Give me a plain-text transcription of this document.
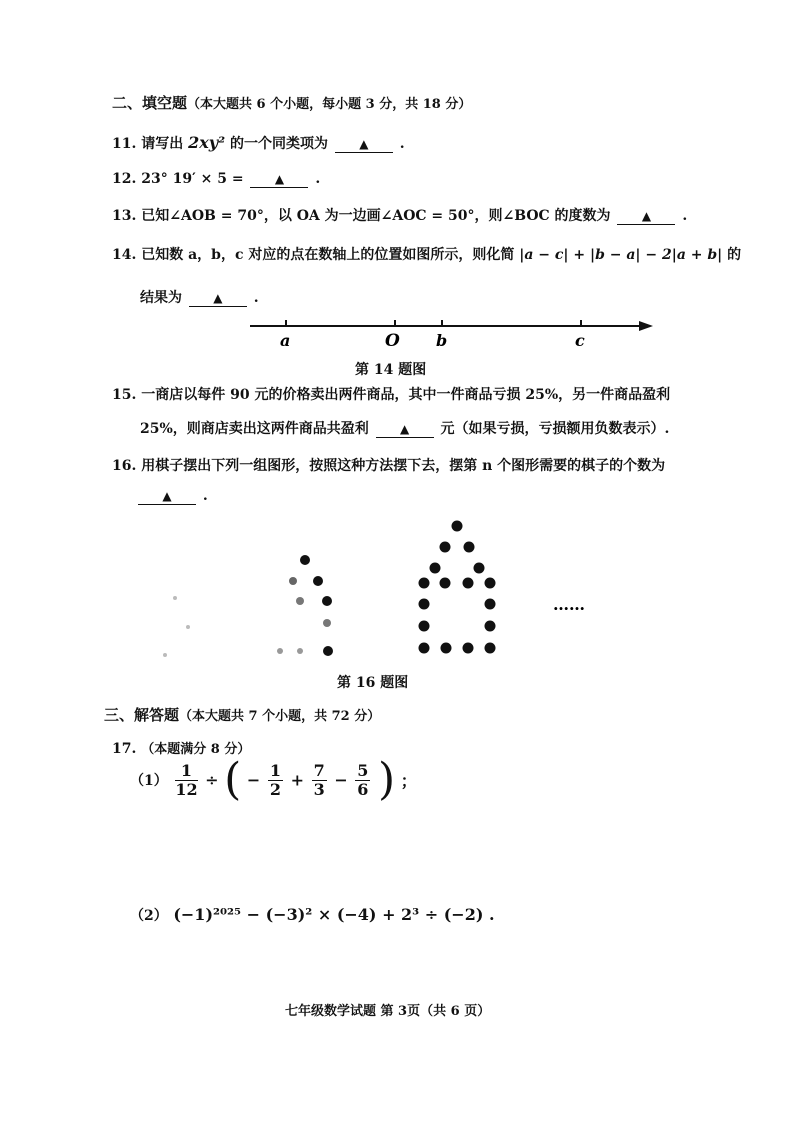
二、填空题（本大题共 6 个小题，每小题 3 分，共 18 分）
11. 请写出 2xy² 的一个同类项为	▲ .
12. 23° 19′ × 5 =	▲ .
13. 已知∠AOB = 70°，以 OA 为一边画∠AOC = 50°，则∠BOC 的度数为	▲ .
14. 已知数 a，b，c 对应的点在数轴上的位置如图所示，则化简 |a − c| + |b − a| − 2|a + b| 的
结果为	▲ .
a	O b	c
第 14 题图
15. 一商店以每件 90 元的价格卖出两件商品，其中一件商品亏损 25%，另一件商品盈利
25%，则商店卖出这两件商品共盈利	▲ 元（如果亏损，亏损额用负数表示）.
16. 用棋子摆出下列一组图形，按照这种方法摆下去，摆第 n 个图形需要的棋子的个数为
▲ .
……
第 16 题图
三、解答题（本大题共 7 个小题，共 72 分）
17. （本题满分 8 分）
$(1) \frac{1}{12}$ ÷ ( − $\frac{1}{2} + \frac{7}{3} - \frac{5}{6}$ ) ；
（2） (−1)²⁰²⁵ − (−3)² × (−4) + 2³ ÷ (−2) .
七年级数学试题 第 3页（共 6 页）
